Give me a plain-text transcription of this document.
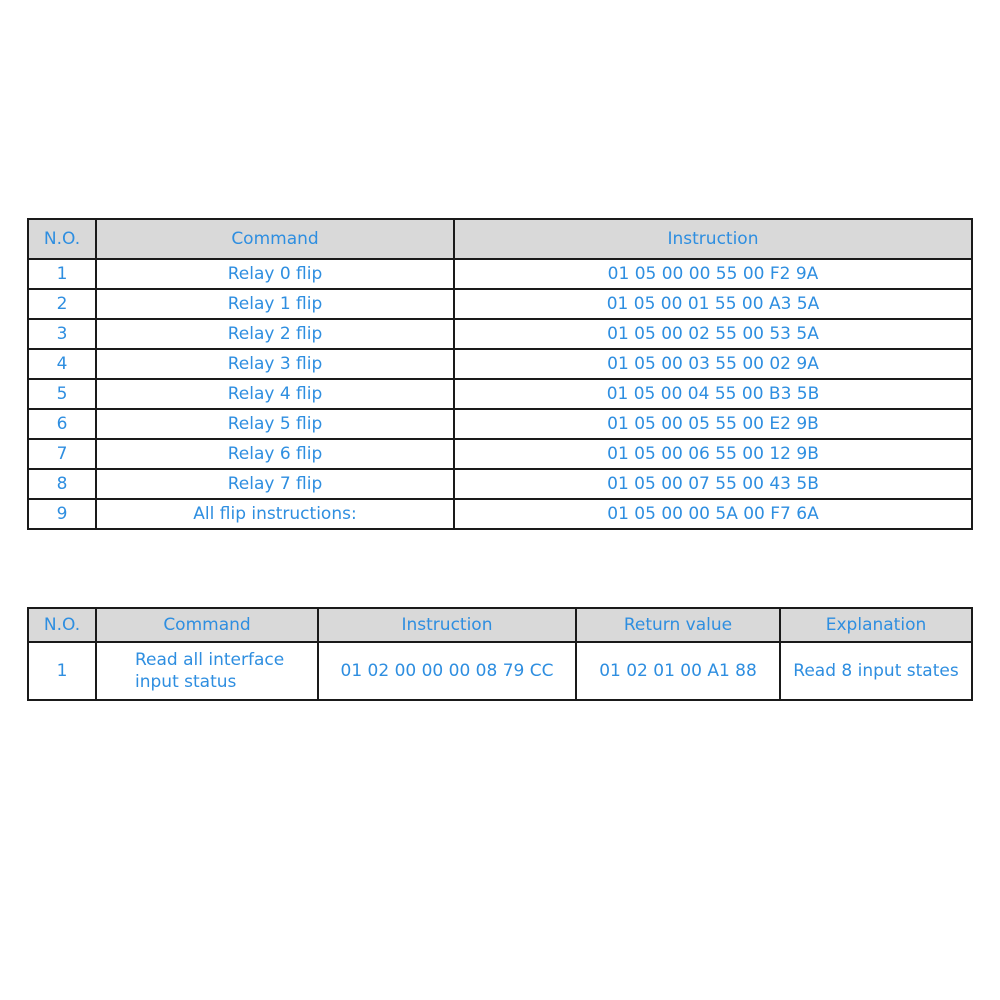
N.O.	Command	Instruction
1	Relay 0 flip	01 05 00 00 55 00 F2 9A
2	Relay 1 flip	01 05 00 01 55 00 A3 5A
3	Relay 2 flip	01 05 00 02 55 00 53 5A
4	Relay 3 flip	01 05 00 03 55 00 02 9A
5	Relay 4 flip	01 05 00 04 55 00 B3 5B
6	Relay 5 flip	01 05 00 05 55 00 E2 9B
7	Relay 6 flip	01 05 00 06 55 00 12 9B
8	Relay 7 flip	01 05 00 07 55 00 43 5B
9	All flip instructions:	01 05 00 00 5A 00 F7 6A
N.O.	Command	Instruction	Return value	Explanation
1	Read all interface input status	01 02 00 00 00 08 79 CC	01 02 01 00 A1 88	Read 8 input states
